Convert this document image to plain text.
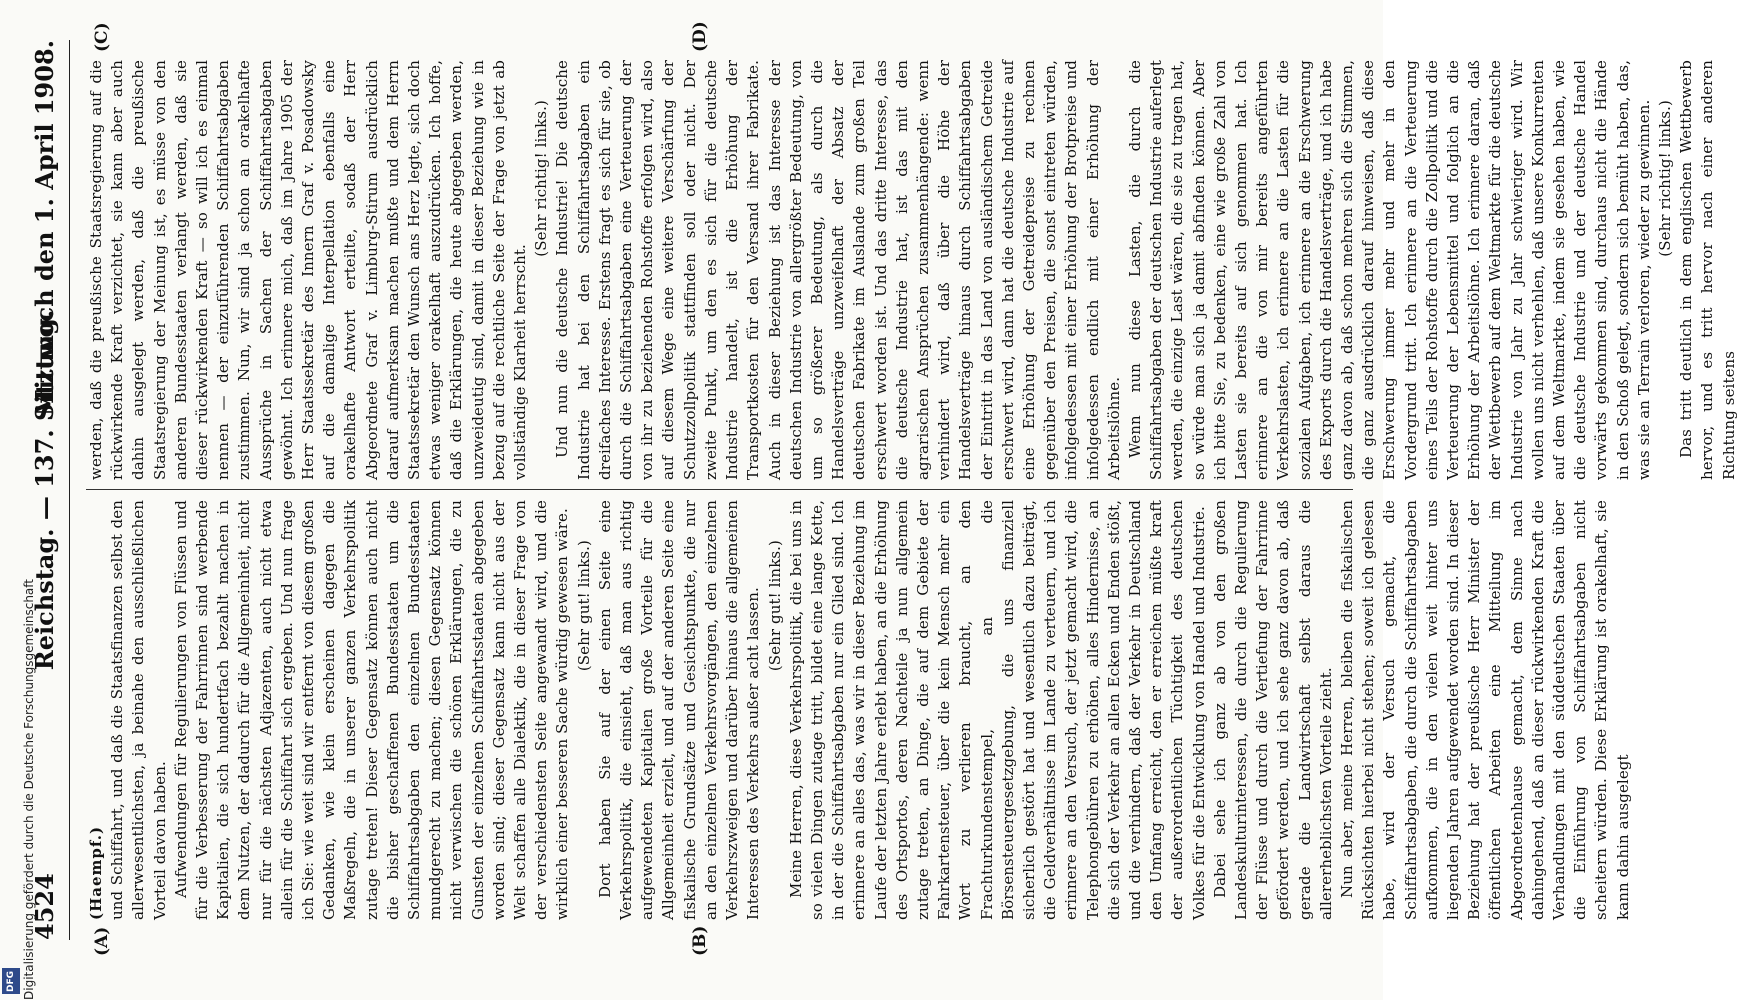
4524
Reichstag. — 137. Sitzung.
Mittwoch den 1. April 1908.
(A)	(B)
(C)	(D)

(Haempf.) und Schiffahrt, und daß die Staatsfinanzen selbst den allerwesentlichsten, ja beinahe den ausschließlichen Vorteil davon haben. Aufwendungen für Regulierungen von Flüssen und für die Verbesserung der Fahrrinnen sind werbende Kapitalien, die sich hundertfach bezahlt machen in dem Nutzen, der dadurch für die Allgemeinheit, nicht nur für die nächsten Adjazenten, auch nicht etwa allein für die Schiffahrt sich ergeben. Und nun frage ich Sie: wie weit sind wir entfernt von diesem großen Gedanken, wie klein erscheinen dagegen die Maßregeln, die in unserer ganzen Verkehrspolitik zutage treten! Dieser Gegensatz können auch nicht die bisher geschaffenen Bundesstaaten um die Schiffahrtsabgaben den einzelnen Bundesstaaten mundgerecht zu machen; diesen Gegensatz können nicht verwischen die schönen Erklärungen, die zu Gunsten der einzelnen Schiffahrtsstaaten abgegeben worden sind; dieser Gegensatz kann nicht aus der Welt schaffen alle Dialektik, die in dieser Frage von der verschiedensten Seite angewandt wird, und die wirklich einer besseren Sache würdig gewesen wäre. (Sehr gut! links.) Dort haben Sie auf der einen Seite eine Verkehrspolitik, die einsieht, daß man aus richtig aufgewendeten Kapitalien große Vorteile für die Allgemeinheit erzielt, und auf der anderen Seite eine fiskalische Grundsätze und Gesichtspunkte, die nur an den einzelnen Verkehrsvorgängen, den einzelnen Verkehrszweigen und darüber hinaus die allgemeinen Interessen des Verkehrs außer acht lassen. (Sehr gut! links.) Meine Herren, diese Verkehrspolitik, die bei uns in so vielen Dingen zutage tritt, bildet eine lange Kette, in der die Schiffahrtsabgaben nur ein Glied sind. Ich erinnere an alles das, was wir in dieser Beziehung im Laufe der letzten Jahre erlebt haben, an die Erhöhung des Ortsportos, deren Nachteile ja nun allgemein zutage treten, an Dinge, die auf dem Gebiete der Fahrkartensteuer, über die kein Mensch mehr ein Wort zu verlieren braucht, an den Frachturkundenstempel, an die Börsensteuergesetzgebung, die uns finanziell sicherlich gestört hat und wesentlich dazu beiträgt, die Geldverhältnisse im Lande zu verteuern, und ich erinnere an den Versuch, der jetzt gemacht wird, die Telephongebühren zu erhöhen, alles Hindernisse, an die sich der Verkehr an allen Ecken und Enden stößt, und die verhindern, daß der Verkehr in Deutschland den Umfang erreicht, den er erreichen müßte kraft der außerordentlichen Tüchtigkeit des deutschen Volkes für die Entwicklung von Handel und Industrie. Dabei sehe ich ganz ab von den großen Landeskulturinteressen, die durch die Regulierung der Flüsse und durch die Vertiefung der Fahrrinne gefördert werden, und ich sehe ganz davon ab, daß gerade die Landwirtschaft selbst daraus die allererheblichsten Vorteile zieht. Nun aber, meine Herren, bleiben die fiskalischen Rücksichten hierbei nicht stehen; soweit ich gelesen habe, wird der Versuch gemacht, die Schiffahrtsabgaben, die durch die Schiffahrtsabgaben aufkommen, die in den vielen weit hinter uns liegenden Jahren aufgewendet worden sind. In dieser Beziehung hat der preußische Herr Minister der öffentlichen Arbeiten eine Mitteilung im Abgeordnetenhause gemacht, dem Sinne nach dahingehend, daß an dieser rückwirkenden Kraft die Verhandlungen mit den süddeutschen Staaten über die Einführung von Schiffahrtsabgaben nicht scheitern würden. Diese Erklärung ist orakelhaft, sie kann dahin ausgelegt

werden, daß die preußische Staatsregierung auf die rückwirkende Kraft verzichtet, sie kann aber auch dahin ausgelegt werden, daß die preußische Staatsregierung der Meinung ist, es müsse von den anderen Bundesstaaten verlangt werden, daß sie dieser rückwirkenden Kraft — so will ich es einmal nennen — der einzuführenden Schiffahrtsabgaben zustimmen. Nun, wir sind ja schon an orakelhafte Aussprüche in Sachen der Schiffahrtsabgaben gewöhnt. Ich erinnere mich, daß im Jahre 1905 der Herr Staatssekretär des Innern Graf v. Posadowsky auf die damalige Interpellation ebenfalls eine orakelhafte Antwort erteilte, sodaß der Herr Abgeordnete Graf v. Limburg-Stirum ausdrücklich darauf aufmerksam machen mußte und dem Herrn Staatssekretär den Wunsch ans Herz legte, sich doch etwas weniger orakelhaft auszudrücken. Ich hoffe, daß die Erklärungen, die heute abgegeben werden, unzweideutig sind, damit in dieser Beziehung wie in bezug auf die rechtliche Seite der Frage von jetzt ab vollständige Klarheit herrscht.

(Sehr richtig! links.) Und nun die deutsche Industrie! Die deutsche Industrie hat bei den Schiffahrtsabgaben ein dreifaches Interesse. Erstens fragt es sich für sie, ob durch die Schiffahrtsabgaben eine Verteuerung der von ihr zu beziehenden Rohstoffe erfolgen wird, also auf diesem Wege eine weitere Verschärfung der Schutzzollpolitik stattfinden soll oder nicht. Der zweite Punkt, um den es sich für die deutsche Industrie handelt, ist die Erhöhung der Transportkosten für den Versand ihrer Fabrikate. Auch in dieser Beziehung ist das Interesse der deutschen Industrie von allergrößter Bedeutung, von um so größerer Bedeutung, als durch die Handelsverträge unzweifelhaft der Absatz der deutschen Fabrikate im Auslande zum großen Teil erschwert worden ist. Und das dritte Interesse, das die deutsche Industrie hat, ist das mit den agrarischen Ansprüchen zusammenhängende: wenn verhindert wird, daß über die Höhe der Handelsverträge hinaus durch Schiffahrtsabgaben der Eintritt in das Land von ausländischem Getreide erschwert wird, dann hat die deutsche Industrie auf eine Erhöhung der Getreidepreise zu rechnen gegenüber den Preisen, die sonst eintreten würden, infolgedessen mit einer Erhöhung der Brotpreise und infolgedessen endlich mit einer Erhöhung der Arbeitslöhne. Wenn nun diese Lasten, die durch die Schiffahrtsabgaben der deutschen Industrie auferlegt werden, die einzige Last wären, die sie zu tragen hat, so würde man sich ja damit abfinden können. Aber ich bitte Sie, zu bedenken, eine wie große Zahl von Lasten sie bereits auf sich genommen hat. Ich erinnere an die von mir bereits angeführten Verkehrslasten, ich erinnere an die Lasten für die sozialen Aufgaben, ich erinnere an die Erschwerung des Exports durch die Handelsverträge, und ich habe ganz davon ab, daß schon mehren sich die Stimmen, die ganz ausdrücklich darauf hinweisen, daß diese Erschwerung immer mehr und mehr in den Vordergrund tritt. Ich erinnere an die Verteuerung eines Teils der Rohstoffe durch die Zollpolitik und die Verteuerung der Lebensmittel und folglich an die Erhöhung der Arbeitslöhne. Ich erinnere daran, daß der Wettbewerb auf dem Weltmarkte für die deutsche Industrie von Jahr zu Jahr schwieriger wird. Wir wollen uns nicht verhehlen, daß unsere Konkurrenten auf dem Weltmarkte, indem sie gesehen haben, wie die deutsche Industrie und der deutsche Handel vorwärts gekommen sind, durchaus nicht die Hände in den Schoß gelegt, sondern sich bemüht haben, das, was sie an Terrain verloren, wieder zu gewinnen. (Sehr richtig! links.) Das tritt deutlich in dem englischen Wettbewerb hervor, und es tritt hervor nach einer anderen Richtung seitens

Digitalisierung gefördert durch die Deutsche Forschungsgemeinschaft
DFG
